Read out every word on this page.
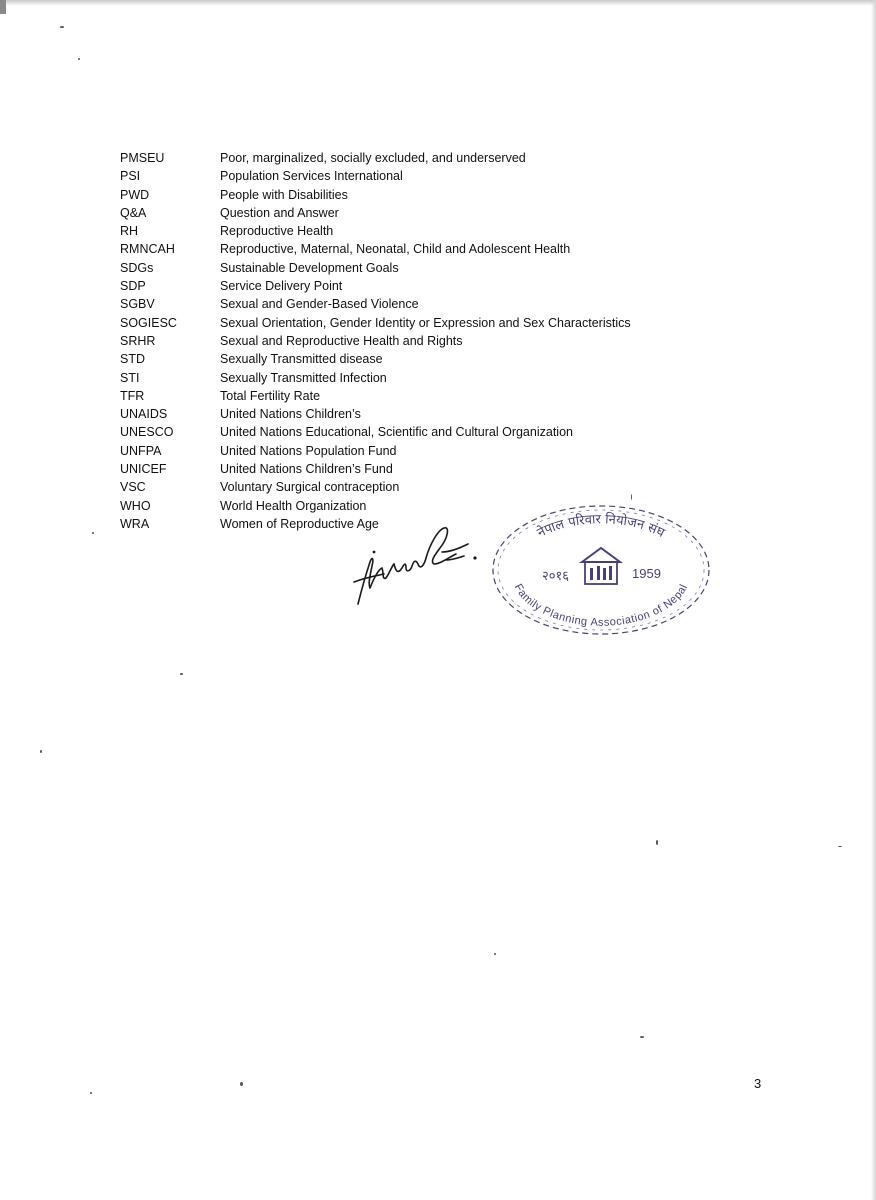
PMSEU	Poor, marginalized, socially excluded, and underserved
PSI	Population Services International
PWD	People with Disabilities
Q&A	Question and Answer
RH	Reproductive Health
RMNCAH	Reproductive, Maternal, Neonatal, Child and Adolescent Health
SDGs	Sustainable Development Goals
SDP	Service Delivery Point
SGBV	Sexual and Gender-Based Violence
SOGIESC	Sexual Orientation, Gender Identity or Expression and Sex Characteristics
SRHR	Sexual and Reproductive Health and Rights
STD	Sexually Transmitted disease
STI	Sexually Transmitted Infection
TFR	Total Fertility Rate
UNAIDS	United Nations Children’s
UNESCO	United Nations Educational, Scientific and Cultural Organization
UNFPA	United Nations Population Fund
UNICEF	United Nations Children’s Fund
VSC	Voluntary Surgical contraception
WHO	World Health Organization
WRA	Women of Reproductive Age
नेपाल परिवार नियोजन संघ
Family Planning Association of Nepal
२०१६	1959
3
